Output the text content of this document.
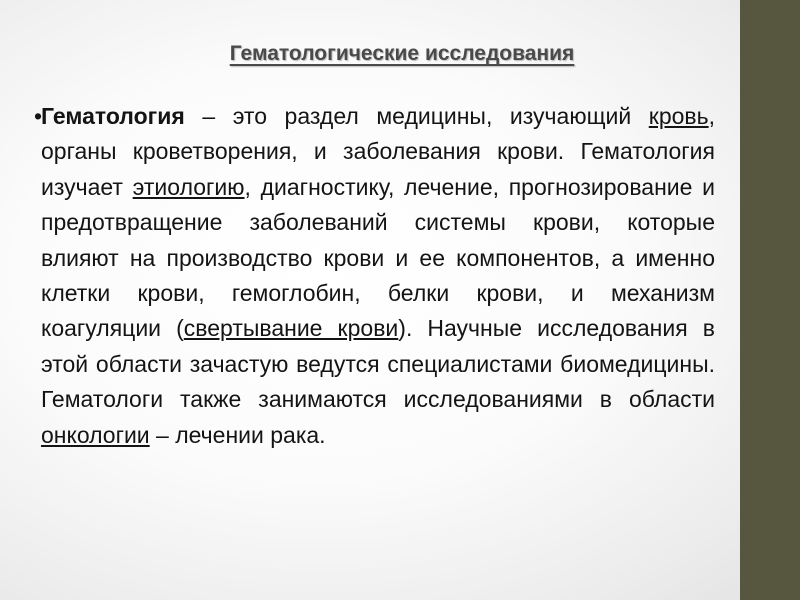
Гематологические исследования

•
Гематология – это раздел медицины, изучающий кровь, органы кроветворения, и заболевания крови. Гематология изучает этиологию, диагностику, лечение, прогнозирование и предотвращение заболеваний системы крови, которые влияют на производство крови и ее компонентов, а именно клетки крови, гемоглобин, белки крови, и механизм коагуляции (свертывание крови). Научные исследования в этой области зачастую ведутся специалистами биомедицины. Гематологи также занимаются исследованиями в области онкологии – лечении рака.
